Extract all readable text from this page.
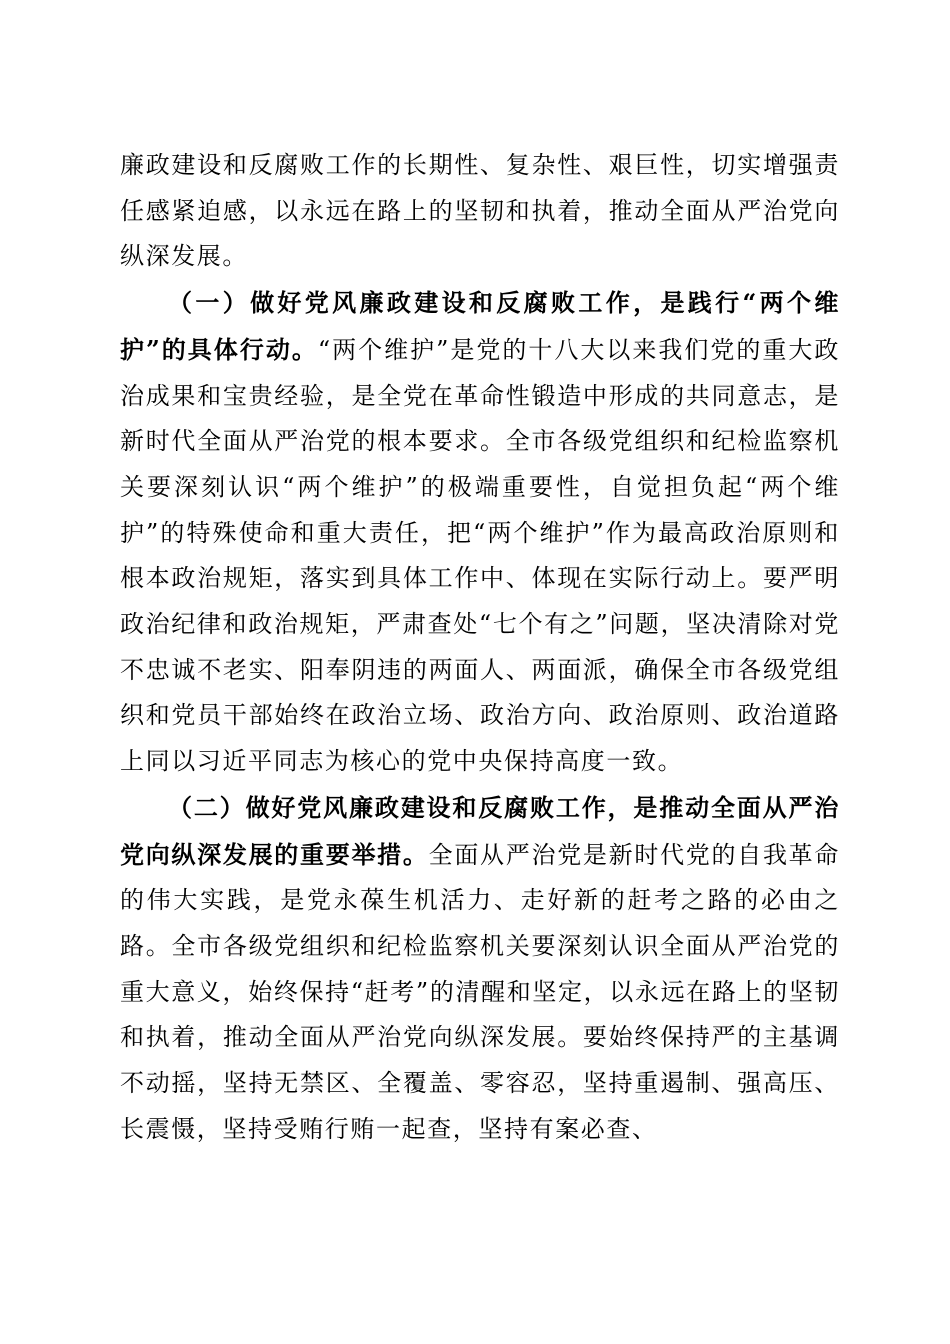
廉政建设和反腐败工作的长期性、复杂性、艰巨性，切实增强责任感紧迫感，以永远在路上的坚韧和执着，推动全面从严治党向纵深发展。

（一）做好党风廉政建设和反腐败工作，是践行“两个维护”的具体行动。“两个维护”是党的十八大以来我们党的重大政治成果和宝贵经验，是全党在革命性锻造中形成的共同意志，是新时代全面从严治党的根本要求。全市各级党组织和纪检监察机关要深刻认识“两个维护”的极端重要性，自觉担负起“两个维护”的特殊使命和重大责任，把“两个维护”作为最高政治原则和根本政治规矩，落实到具体工作中、体现在实际行动上。要严明政治纪律和政治规矩，严肃查处“七个有之”问题，坚决清除对党不忠诚不老实、阳奉阴违的两面人、两面派，确保全市各级党组织和党员干部始终在政治立场、政治方向、政治原则、政治道路上同以习近平同志为核心的党中央保持高度一致。

（二）做好党风廉政建设和反腐败工作，是推动全面从严治党向纵深发展的重要举措。全面从严治党是新时代党的自我革命的伟大实践，是党永葆生机活力、走好新的赶考之路的必由之路。全市各级党组织和纪检监察机关要深刻认识全面从严治党的重大意义，始终保持“赶考”的清醒和坚定，以永远在路上的坚韧和执着，推动全面从严治党向纵深发展。要始终保持严的主基调不动摇，坚持无禁区、全覆盖、零容忍，坚持重遏制、强高压、长震慑，坚持受贿行贿一起查，坚持有案必查、
